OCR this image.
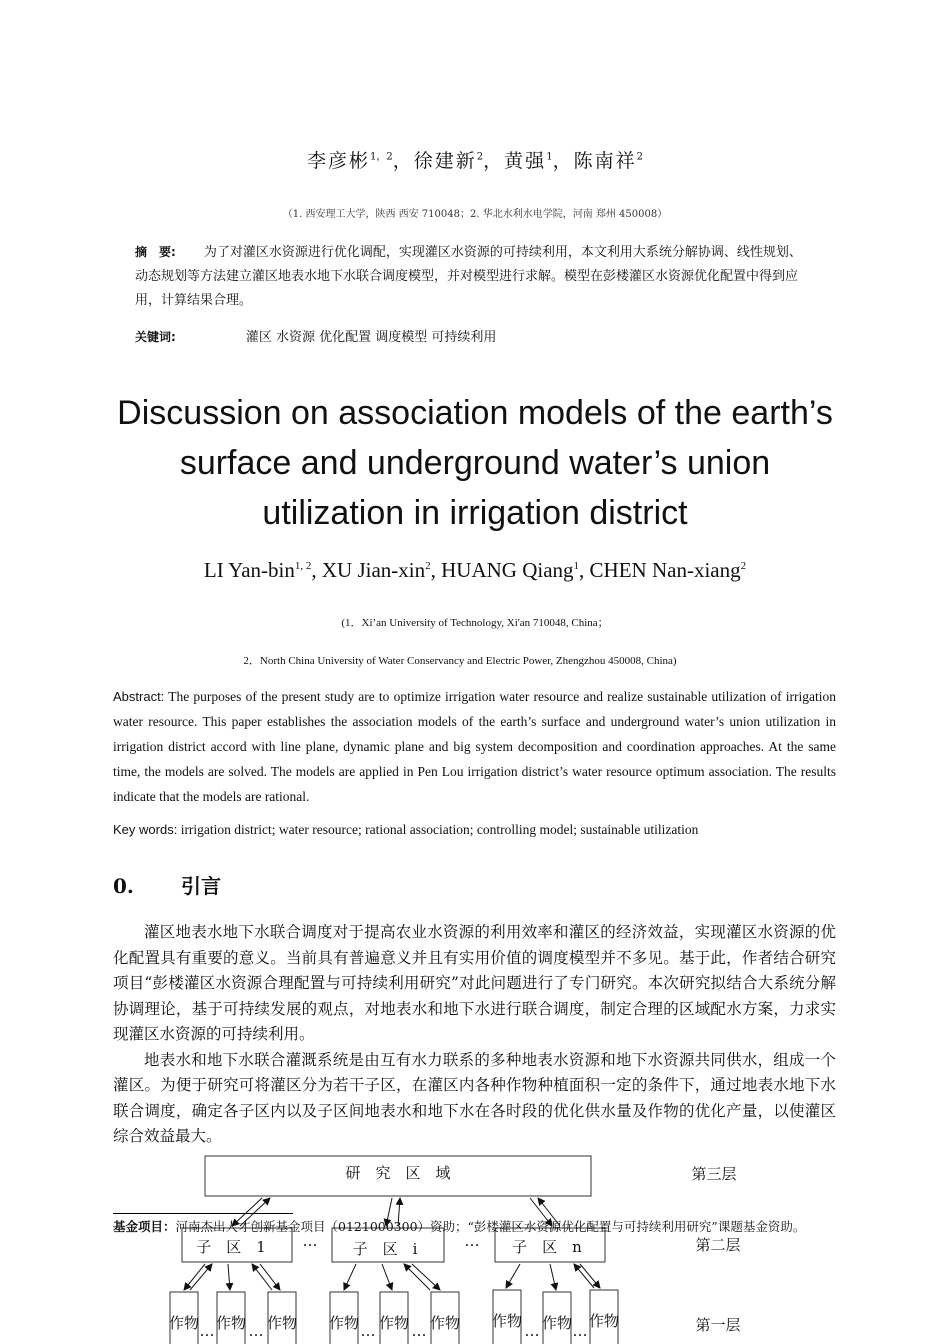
李彦彬$^{1,2}$，徐建新$^2$，黄强$^1$，陈南祥$^2$
（1. 西安理工大学，陕西 西安 710048；2. 华北水利水电学院，河南 郑州 450008）
摘　要: 为了对灌区水资源进行优化调配，实现灌区水资源的可持续利用，本文利用大系统分解协调、线性规划、动态规划等方法建立灌区地表水地下水联合调度模型，并对模型进行求解。模型在彭楼灌区水资源优化配置中得到应用，计算结果合理。
关键词:	灌区 水资源 优化配置 调度模型 可持续利用
Discussion on association models of the earth’s surface and underground water’s union utilization in irrigation district
LI Yan-bin$^{1, 2}$, XU Jian-xin$^2$, HUANG Qiang$^1$, CHEN Nan-xiang$^2$
(1．Xi’an University of Technology, Xi'an 710048, China；
2．North China University of Water Conservancy and Electric Power, Zhengzhou 450008, China)
Abstract: The purposes of the present study are to optimize irrigation water resource and realize sustainable utilization of irrigation water resource. This paper establishes the association models of the earth’s surface and underground water’s union utilization in irrigation district accord with line plane, dynamic plane and big system decomposition and coordination approaches. At the same time, the models are solved. The models are applied in Pen Lou irrigation district’s water resource optimum association. The results indicate that the models are rational.
Key words: irrigation district; water resource; rational association; controlling model; sustainable utilization
0. 引言

灌区地表水地下水联合调度对于提高农业水资源的利用效率和灌区的经济效益，实现灌区水资源的优化配置具有重要的意义。当前具有普遍意义并且有实用价值的调度模型并不多见。基于此，作者结合研究项目“彭楼灌区水资源合理配置与可持续利用研究”对此问题进行了专门研究。本次研究拟结合大系统分解协调理论，基于可持续发展的观点，对地表水和地下水进行联合调度，制定合理的区域配水方案，力求实现灌区水资源的可持续利用。

地表水和地下水联合灌溉系统是由互有水力联系的多种地表水资源和地下水资源共同供水，组成一个灌区。为便于研究可将灌区分为若干子区，在灌区内各种作物种植面积一定的条件下，通过地表水地下水联合调度，确定各子区内以及子区间地表水和地下水在各时段的优化供水量及作物的优化产量，以使灌区综合效益最大。

研　究　区　域	第三层
子　区　1	子　区　i	子　区　n
…	…	第二层
作物 作物 作物 作物 作物 作物 作物 作物 作物
… …	… …	… …	第一层
基金项目：河南杰出人才创新基金项目（0121000300）资助；“彭楼灌区水资源优化配置与可持续利用研究”课题基金资助。
